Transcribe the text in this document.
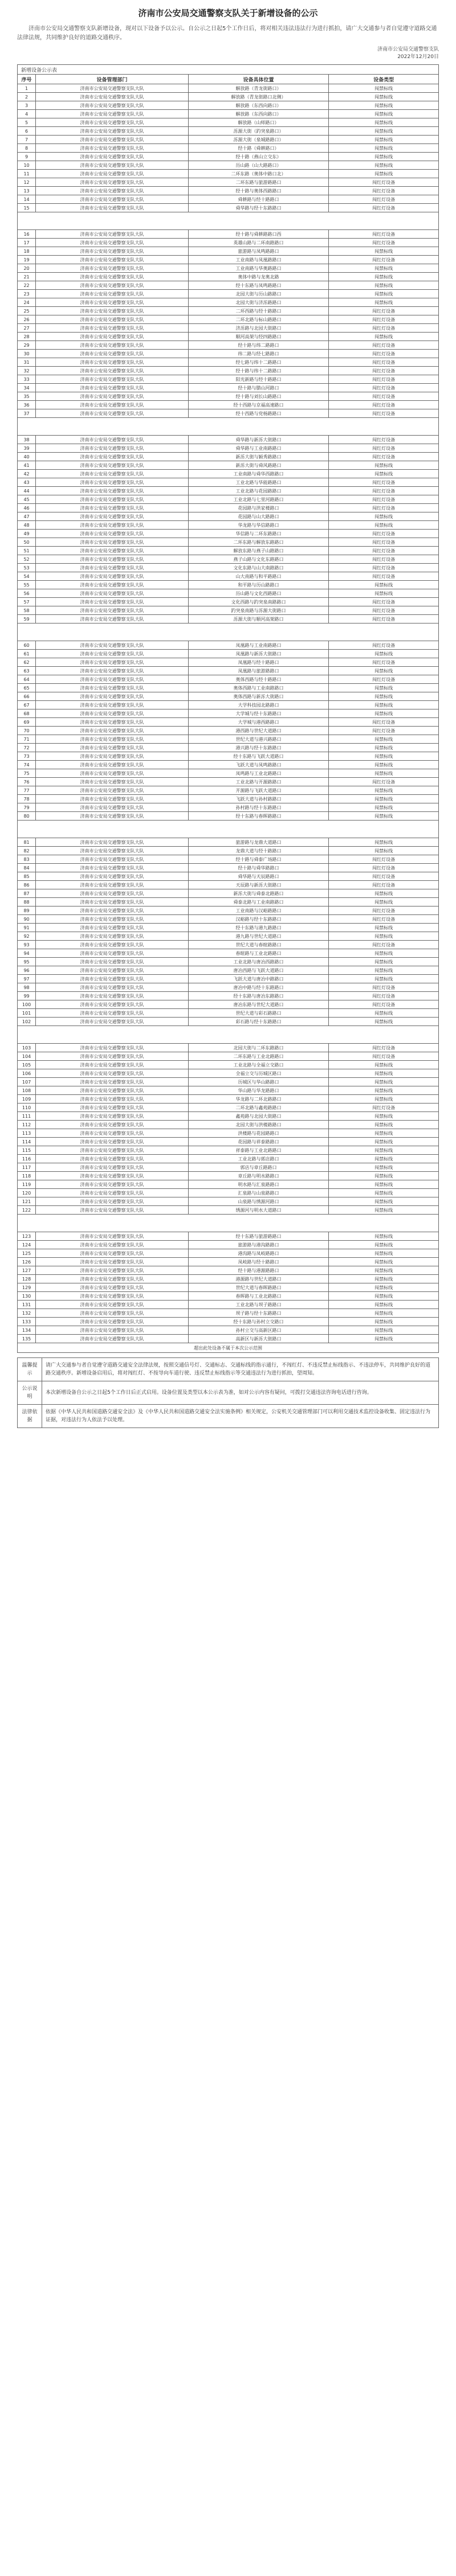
济南市公安局交通警察支队关于新增设备的公示

济南市公安局交通警察支队新增设备，现对以下设备予以公示。自公示之日起5个工作日后，将对相关违法违法行为进行抓拍，请广大交通参与者自觉遵守道路交通法律法规，共同维护良好的道路交通秩序。

济南市公安局交通警察支队
2022年12月20日
新增设备公示表			
序号	设备管理部门	设备具体位置	设备类型
1	济南市公安局交通警察支队大队	解放路（青龙街路口）	闯禁标线
2	济南市公安局交通警察支队大队	解放路（青龙街路口北侧）	闯禁标线
3	济南市公安局交通警察支队大队	解放路（东西向路口）	闯禁标线
4	济南市公安局交通警察支队大队	解放路（东西向路口）	闯禁标线
5	济南市公安局交通警察支队大队	解放路（山师路口）	闯禁标线
6	济南市公安局交通警察支队大队	泺源大街（趵突泉路口）	闯禁标线
7	济南市公安局交通警察支队大队	泺源大街（泉城路路口）	闯禁标线
8	济南市公安局交通警察支队大队	经十路（舜耕路口）	闯禁标线
9	济南市公安局交通警察支队大队	经十路（燕山立交东）	闯禁标线
10	济南市公安局交通警察支队大队	历山路（山大路路口）	闯禁标线
11	济南市公安局交通警察支队大队	二环东路（奥体中路口北）	闯禁标线
12	济南市公安局交通警察支队大队	二环东路与旅游路路口	闯红灯设备
13	济南市公安局交通警察支队大队	经十路与奥体西路路口	闯红灯设备
14	济南市公安局交通警察支队大队	舜耕路与经十路路口	闯红灯设备
15	济南市公安局交通警察支队大队	舜华路与经十东路路口	闯红灯设备

16	济南市公安局交通警察支队大队	经十路与舜耕路路口西	闯红灯设备
17	济南市公安局交通警察支队大队	英雄山路与二环南路路口	闯红灯设备
18	济南市公安局交通警察支队大队	旅游路与凤鸣路路口	闯禁标线
19	济南市公安局交通警察支队大队	工业南路与凤凰路路口	闯红灯设备
20	济南市公安局交通警察支队大队	工业南路与华奥路路口	闯禁标线
21	济南市公安局交通警察支队大队	奥体中路与龙奥北路	闯禁标线
22	济南市公安局交通警察支队大队	经十东路与凤鸣路路口	闯禁标线
23	济南市公安局交通警察支队大队	北园大街与历山路路口	闯禁标线
24	济南市公安局交通警察支队大队	北园大街与济泺路路口	闯禁标线
25	济南市公安局交通警察支队大队	二环西路与经十路路口	闯红灯设备
26	济南市公安局交通警察支队大队	二环北路与标山路路口	闯红灯设备
27	济南市公安局交通警察支队大队	济泺路与北园大街路口	闯红灯设备
28	济南市公安局交通警察支队大队	顺河高架与经四路路口	闯禁标线
29	济南市公安局交通警察支队大队	经十路与纬二路路口	闯红灯设备
30	济南市公安局交通警察支队大队	纬二路与经七路路口	闯红灯设备
31	济南市公安局交通警察支队大队	经七路与纬十二路路口	闯红灯设备
32	济南市公安局交通警察支队大队	经十路与纬十二路路口	闯红灯设备
33	济南市公安局交通警察支队大队	阳光新路与经十路路口	闯红灯设备
34	济南市公安局交通警察支队大队	经十路与腊山河路口	闯红灯设备
35	济南市公安局交通警察支队大队	经十路与刘长山路路口	闯红灯设备
36	济南市公安局交通警察支队大队	经十西路与京福高速路口	闯红灯设备
37	济南市公安局交通警察支队大队	经十西路与党杨路路口	闯红灯设备

38	济南市公安局交通警察支队大队	舜华路与新泺大街路口	闯红灯设备
39	济南市公安局交通警察支队大队	舜华路与工业南路路口	闯红灯设备
40	济南市公安局交通警察支队大队	新泺大街与颖秀路路口	闯红灯设备
41	济南市公安局交通警察支队大队	新泺大街与舜风路路口	闯禁标线
42	济南市公安局交通警察支队大队	工业南路与舜华西路路口	闯禁标线
43	济南市公安局交通警察支队大队	工业北路与华能路路口	闯红灯设备
44	济南市公安局交通警察支队大队	工业北路与花园路路口	闯红灯设备
45	济南市公安局交通警察支队大队	工业北路与七里河路路口	闯红灯设备
46	济南市公安局交通警察支队大队	花园路与洪家楼路口	闯红灯设备
47	济南市公安局交通警察支队大队	花园路与山大路路口	闯禁标线
48	济南市公安局交通警察支队大队	华龙路与华信路路口	闯禁标线
49	济南市公安局交通警察支队大队	华信路与二环东路路口	闯红灯设备
50	济南市公安局交通警察支队大队	二环东路与解放东路路口	闯红灯设备
51	济南市公安局交通警察支队大队	解放东路与燕子山路路口	闯红灯设备
52	济南市公安局交通警察支队大队	燕子山路与文化东路路口	闯红灯设备
53	济南市公安局交通警察支队大队	文化东路与山大南路路口	闯红灯设备
54	济南市公安局交通警察支队大队	山大南路与和平路路口	闯红灯设备
55	济南市公安局交通警察支队大队	和平路与历山路路口	闯禁标线
56	济南市公安局交通警察支队大队	历山路与文化西路路口	闯禁标线
57	济南市公安局交通警察支队大队	文化西路与趵突泉南路路口	闯红灯设备
58	济南市公安局交通警察支队大队	趵突泉南路与泺源大街路口	闯红灯设备
59	济南市公安局交通警察支队大队	泺源大街与顺河高架路口	闯红灯设备

60	济南市公安局交通警察支队大队	凤凰路与工业南路路口	闯红灯设备
61	济南市公安局交通警察支队大队	凤凰路与新泺大街路口	闯禁标线
62	济南市公安局交通警察支队大队	凤凰路与经十路路口	闯红灯设备
63	济南市公安局交通警察支队大队	凤凰路与旅游路路口	闯禁标线
64	济南市公安局交通警察支队大队	奥体西路与经十路路口	闯红灯设备
65	济南市公安局交通警察支队大队	奥体西路与工业南路路口	闯禁标线
66	济南市公安局交通警察支队大队	奥体西路与新泺大街路口	闯禁标线
67	济南市公安局交通警察支队大队	大学科技园北路路口	闯禁标线
68	济南市公安局交通警察支队大队	大学城与经十东路路口	闯禁标线
69	济南市公安局交通警察支队大队	大学城与港西路路口	闯红灯设备
70	济南市公安局交通警察支队大队	港西路与世纪大道路口	闯红灯设备
71	济南市公安局交通警察支队大队	世纪大道与港兴路路口	闯禁标线
72	济南市公安局交通警察支队大队	港兴路与经十东路路口	闯禁标线
73	济南市公安局交通警察支队大队	经十东路与飞跃大道路口	闯禁标线
74	济南市公安局交通警察支队大队	飞跃大道与凤鸣路路口	闯禁标线
75	济南市公安局交通警察支队大队	凤鸣路与工业北路路口	闯禁标线
76	济南市公安局交通警察支队大队	工业北路与开源路路口	闯红灯设备
77	济南市公安局交通警察支队大队	开源路与飞跃大道路口	闯禁标线
78	济南市公安局交通警察支队大队	飞跃大道与孙村路路口	闯禁标线
79	济南市公安局交通警察支队大队	孙村路与经十东路路口	闯禁标线
80	济南市公安局交通警察支队大队	经十东路与春晖路路口	闯禁标线

81	济南市公安局交通警察支队大队	旅游路与龙鼎大道路口	闯禁标线
82	济南市公安局交通警察支队大队	龙鼎大道与经十路路口	闯禁标线
83	济南市公安局交通警察支队大队	经十路与舜泰广场路口	闯红灯设备
84	济南市公安局交通警察支队大队	经十路与舜华路路口	闯红灯设备
85	济南市公安局交通警察支队大队	舜华路与天辰路路口	闯红灯设备
86	济南市公安局交通警察支队大队	天辰路与新泺大街路口	闯红灯设备
87	济南市公安局交通警察支队大队	新泺大街与舜泰北路路口	闯禁标线
88	济南市公安局交通警察支队大队	舜泰北路与工业南路路口	闯禁标线
89	济南市公安局交通警察支队大队	工业南路与汉峪路路口	闯红灯设备
90	济南市公安局交通警察支队大队	汉峪路与经十东路路口	闯红灯设备
91	济南市公安局交通警察支队大队	经十东路与港九路路口	闯禁标线
92	济南市公安局交通警察支队大队	港九路与世纪大道路口	闯禁标线
93	济南市公安局交通警察支队大队	世纪大道与春暄路路口	闯红灯设备
94	济南市公安局交通警察支队大队	春暄路与工业北路路口	闯禁标线
95	济南市公安局交通警察支队大队	工业北路与唐冶西路路口	闯禁标线
96	济南市公安局交通警察支队大队	唐冶西路与飞跃大道路口	闯禁标线
97	济南市公安局交通警察支队大队	飞跃大道与唐冶中路路口	闯禁标线
98	济南市公安局交通警察支队大队	唐冶中路与经十东路路口	闯红灯设备
99	济南市公安局交通警察支队大队	经十东路与唐冶东路路口	闯红灯设备
100	济南市公安局交通警察支队大队	唐冶东路与世纪大道路口	闯红灯设备
101	济南市公安局交通警察支队大队	世纪大道与彩石路路口	闯禁标线
102	济南市公安局交通警察支队大队	彩石路与经十东路路口	闯禁标线

103	济南市公安局交通警察支队大队	北园大街与二环东路路口	闯红灯设备
104	济南市公安局交通警察支队大队	二环东路与工业北路路口	闯红灯设备
105	济南市公安局交通警察支队大队	工业北路与全福立交路口	闯禁标线
106	济南市公安局交通警察支队大队	全福立交与历城区路口	闯禁标线
107	济南市公安局交通警察支队大队	历城区与华山路路口	闯禁标线
108	济南市公安局交通警察支队大队	华山路与华龙路路口	闯禁标线
109	济南市公安局交通警察支队大队	华龙路与二环北路路口	闯禁标线
110	济南市公安局交通警察支队大队	二环北路与鑫苑路路口	闯红灯设备
111	济南市公安局交通警察支队大队	鑫苑路与北园大街路口	闯禁标线
112	济南市公安局交通警察支队大队	北园大街与洪楼路路口	闯禁标线
113	济南市公安局交通警察支队大队	洪楼路与花园路路口	闯禁标线
114	济南市公安局交通警察支队大队	花园路与祥泰路路口	闯禁标线
115	济南市公安局交通警察支队大队	祥泰路与工业北路路口	闯禁标线
116	济南市公安局交通警察支队大队	工业北路与郭店路口	闯禁标线
117	济南市公安局交通警察支队大队	郭店与章丘路路口	闯禁标线
118	济南市公安局交通警察支队大队	章丘路与明水路路口	闯禁标线
119	济南市公安局交通警察支队大队	明水路与汇泉路路口	闯禁标线
120	济南市公安局交通警察支队大队	汇泉路与山泉路路口	闯禁标线
121	济南市公安局交通警察支队大队	山泉路与绣源河路口	闯禁标线
122	济南市公安局交通警察支队大队	绣源河与明水大道路口	闯禁标线

123	济南市公安局交通警察支队大队	经十东路与旅游路路口	闯禁标线
124	济南市公安局交通警察支队大队	旅游路与港沟路路口	闯禁标线
125	济南市公安局交通警察支队大队	港沟路与凤岐路路口	闯禁标线
126	济南市公安局交通警察支队大队	凤岐路与经十路路口	闯禁标线
127	济南市公安局交通警察支队大队	经十路与港源路路口	闯禁标线
128	济南市公安局交通警察支队大队	港源路与世纪大道路口	闯禁标线
129	济南市公安局交通警察支队大队	世纪大道与春晖路路口	闯禁标线
130	济南市公安局交通警察支队大队	春晖路与工业北路路口	闯禁标线
131	济南市公安局交通警察支队大队	工业北路与坝子路路口	闯禁标线
132	济南市公安局交通警察支队大队	坝子路与经十东路路口	闯禁标线
133	济南市公安局交通警察支队大队	经十东路与孙村立交路口	闯禁标线
134	济南市公安局交通警察支队大队	孙村立交与高新区路口	闯禁标线
135	济南市公安局交通警察支队大队	高新区与新泺大街路口	闯禁标线
超出此处设备不属于本次公示范围			
温馨提示	请广大交通参与者自觉遵守道路交通安全法律法规，按照交通信号灯、交通标志、交通标线的指示通行，不闯红灯、不违反禁止标线指示、不违法停车，共同维护良好的道路交通秩序。新增设备启用后，将对闯红灯、不按导向车道行驶、违反禁止标线指示等交通违法行为进行抓拍，望周知。
公示说明	本次新增设备自公示之日起5个工作日后正式启用。设备位置及类型以本公示表为准，如对公示内容有疑问，可拨打交通违法咨询电话进行咨询。
法律依据	依据《中华人民共和国道路交通安全法》及《中华人民共和国道路交通安全法实施条例》相关规定，公安机关交通管理部门可以利用交通技术监控设备收集、固定违法行为证据，对违法行为人依法予以处理。
